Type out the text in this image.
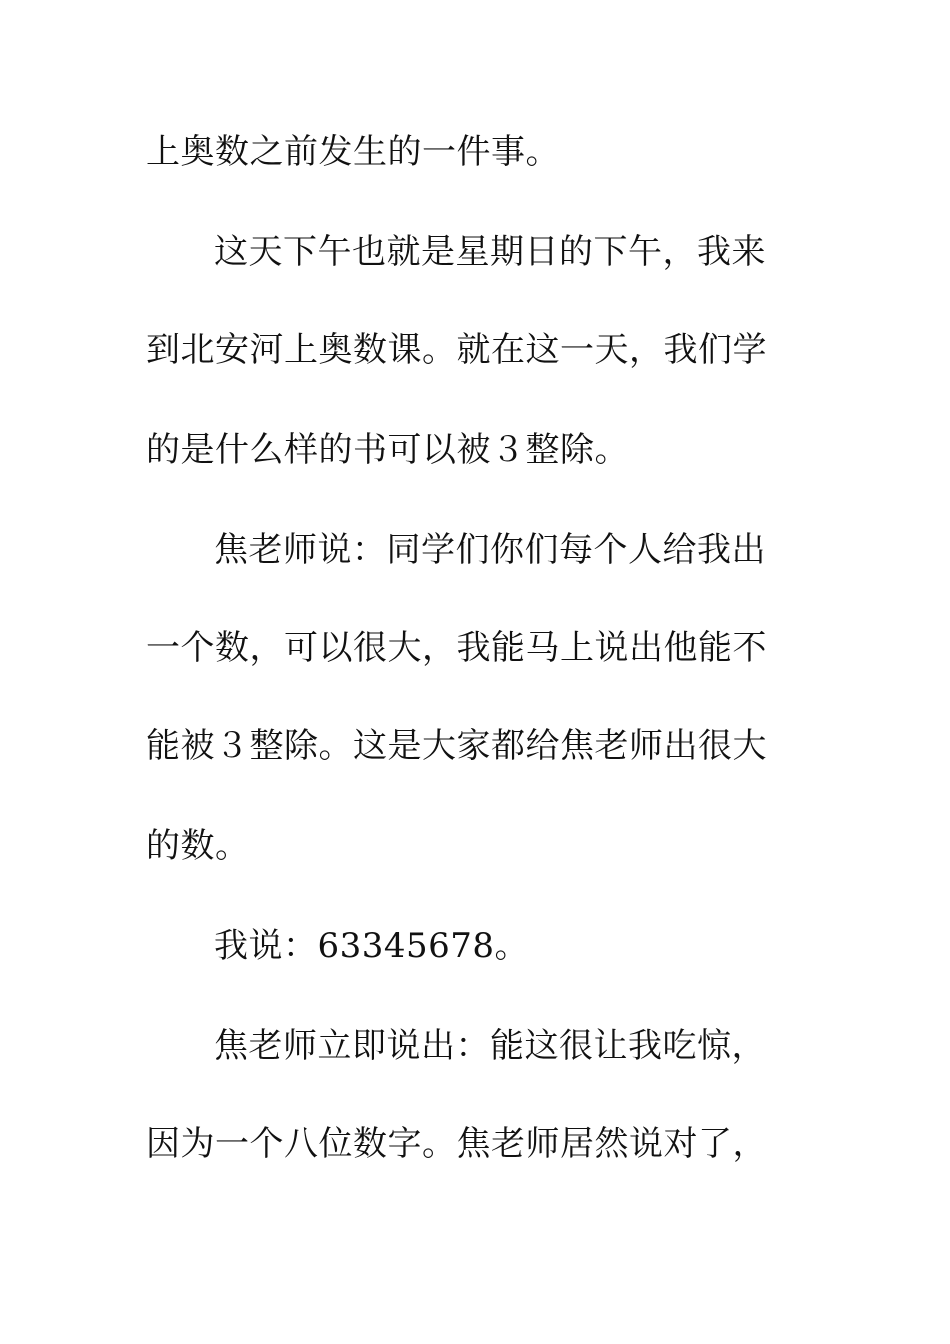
上奥数之前发生的一件事。
这天下午也就是星期日的下午，我来
到北安河上奥数课。就在这一天，我们学
的是什么样的书可以被３整除。
焦老师说：同学们你们每个人给我出
一个数，可以很大，我能马上说出他能不
能被３整除。这是大家都给焦老师出很大
的数。
我说：63345678。
焦老师立即说出：能这很让我吃惊，
因为一个八位数字。焦老师居然说对了，
